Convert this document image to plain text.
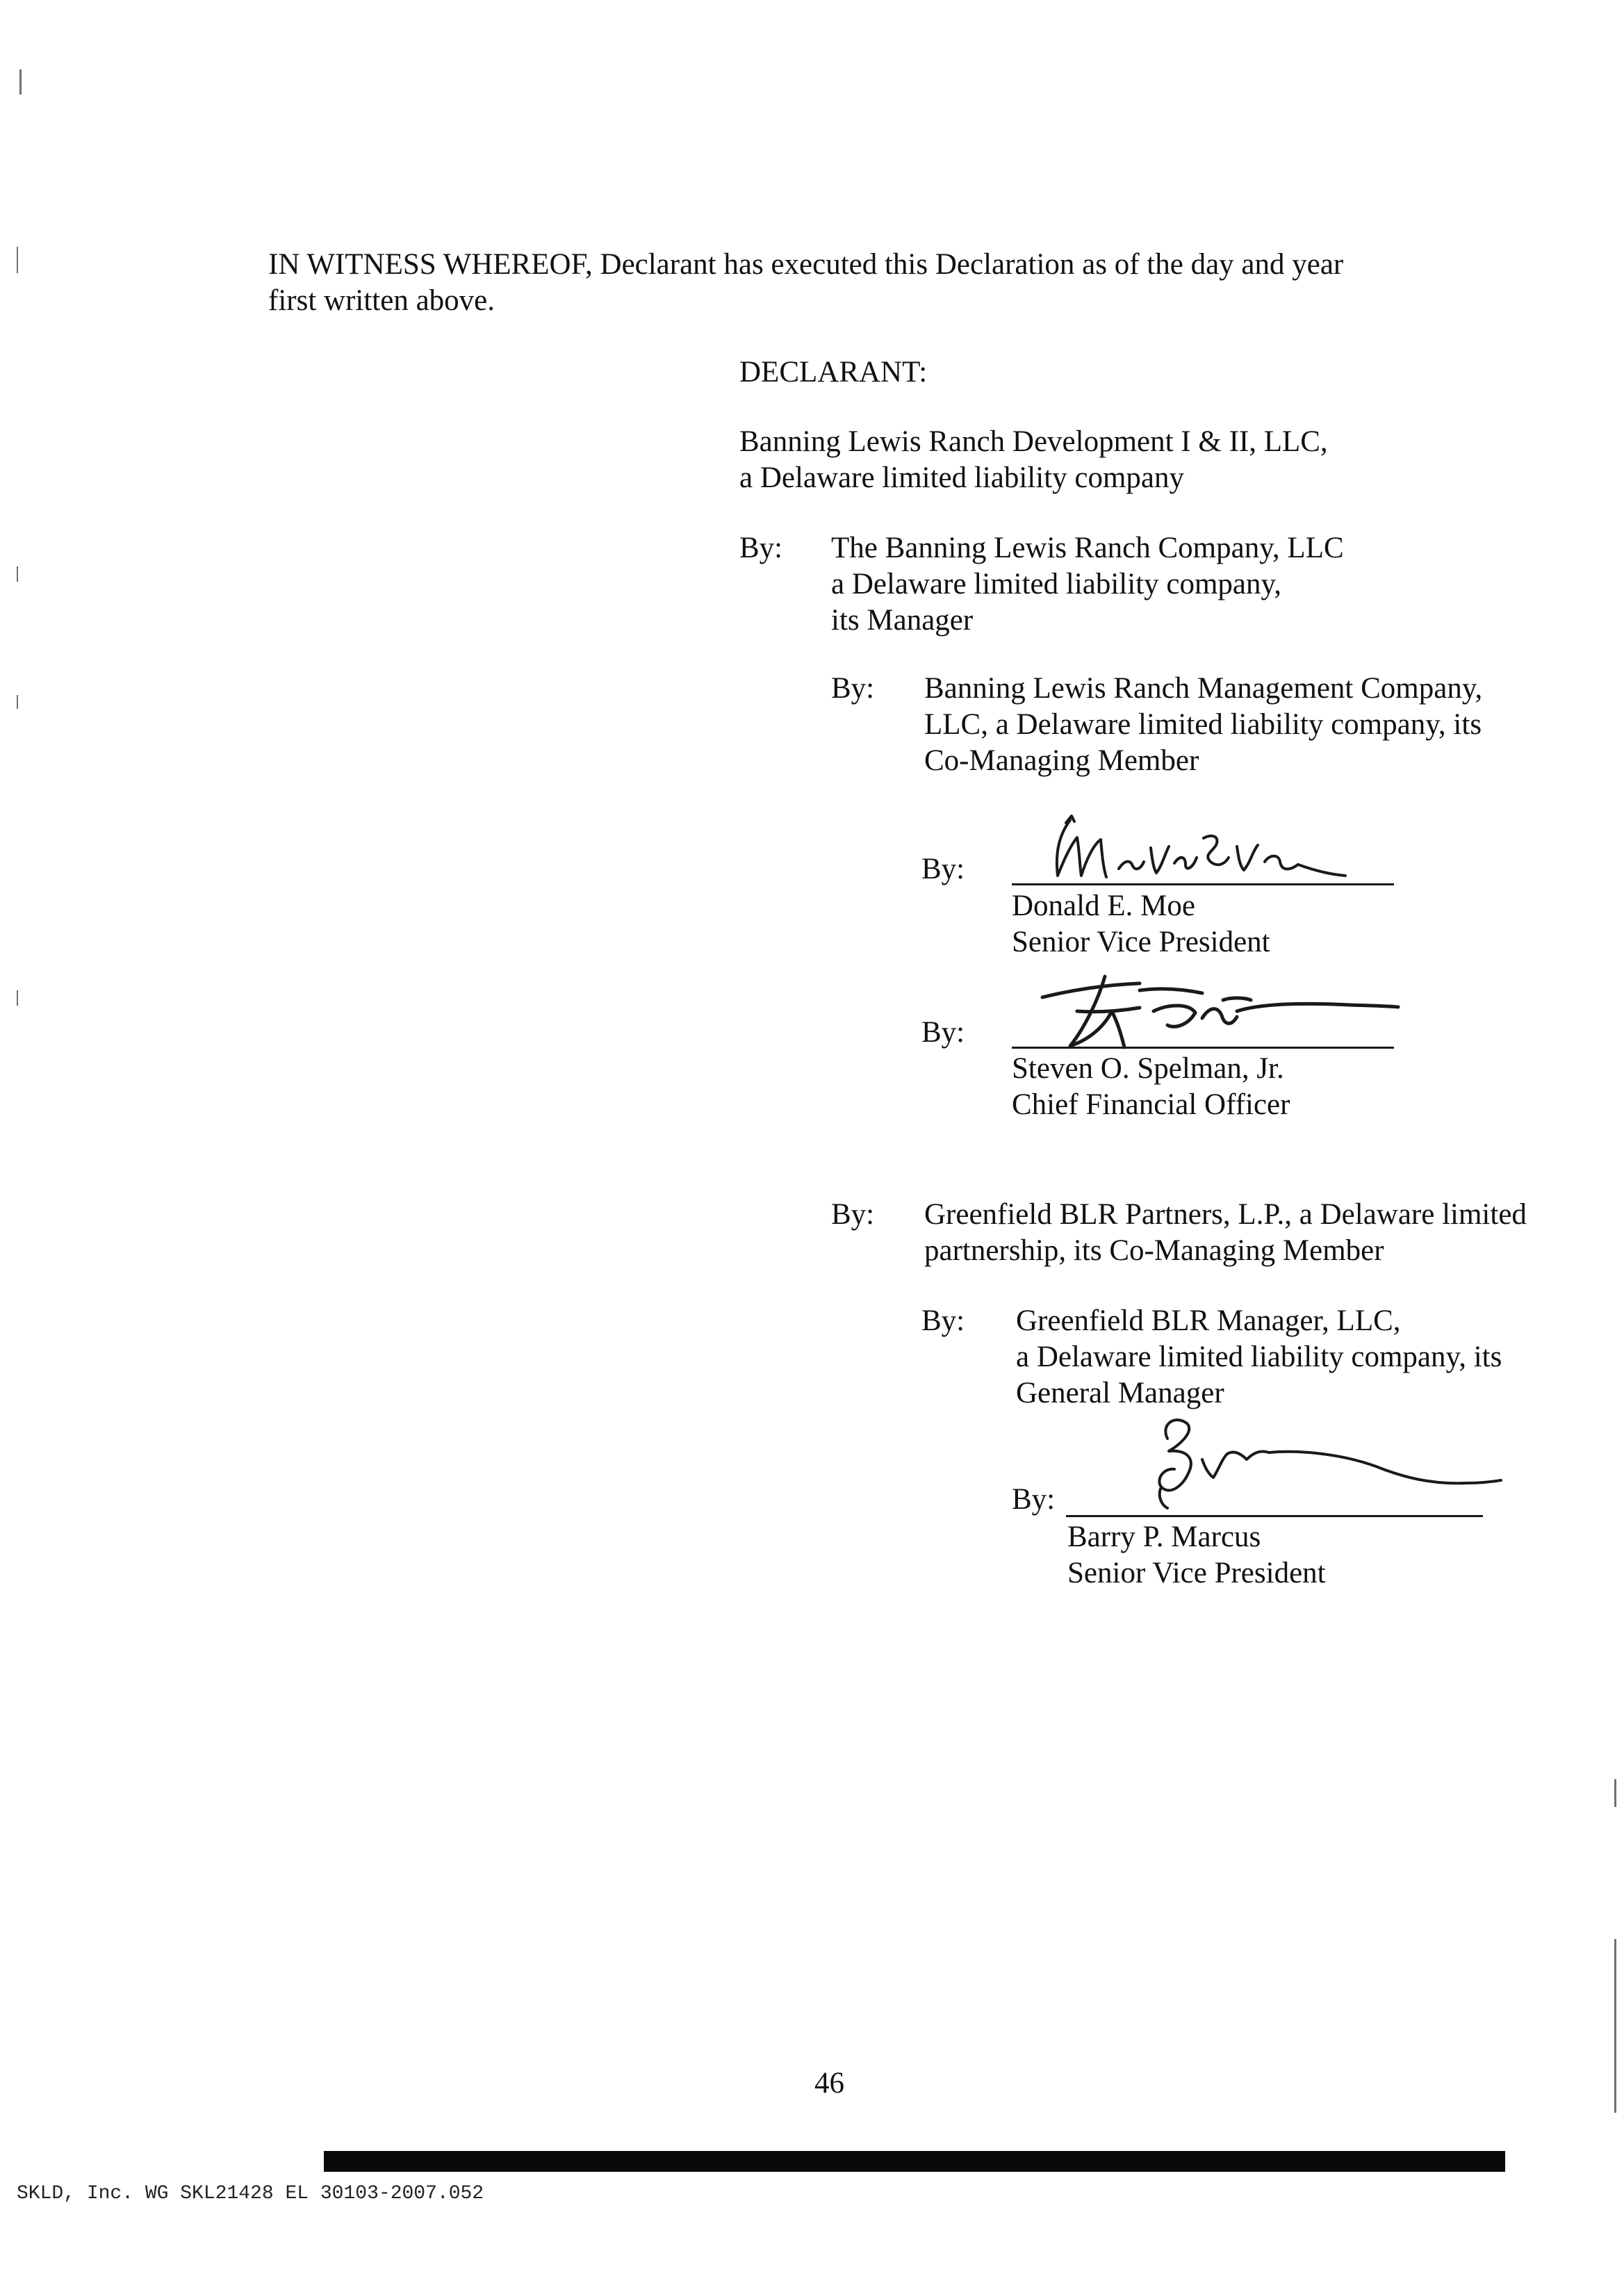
IN WITNESS WHEREOF, Declarant has executed this Declaration as of the day and year
first written above.
DECLARANT:
Banning Lewis Ranch Development I & II, LLC,
a Delaware limited liability company
By: The Banning Lewis Ranch Company, LLC
a Delaware limited liability company,
its Manager
By: Banning Lewis Ranch Management Company,
LLC, a Delaware limited liability company, its
Co-Managing Member
By:
Donald E. Moe
Senior Vice President
By:
Steven O. Spelman, Jr.
Chief Financial Officer
By: Greenfield BLR Partners, L.P., a Delaware limited
partnership, its Co-Managing Member
By: Greenfield BLR Manager, LLC,
a Delaware limited liability company, its
General Manager
By:
Barry P. Marcus
Senior Vice President
46
SKLD, Inc. WG SKL21428 EL 30103-2007.052
